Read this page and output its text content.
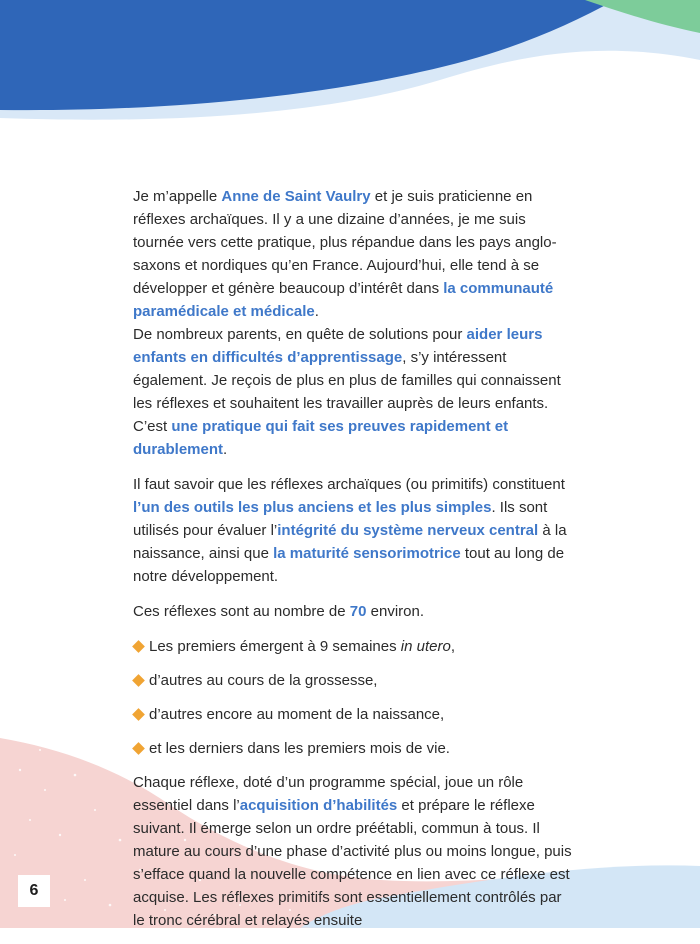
Je m’appelle Anne de Saint Vaulry et je suis praticienne en réflexes archaïques. Il y a une dizaine d’années, je me suis tournée vers cette pratique, plus répandue dans les pays anglo-saxons et nordiques qu’en France. Aujourd’hui, elle tend à se développer et génère beaucoup d’intérêt dans la communauté paramédicale et médicale.
De nombreux parents, en quête de solutions pour aider leurs enfants en difficultés d’apprentissage, s’y intéressent également. Je reçois de plus en plus de familles qui connaissent les réflexes et souhaitent les travailler auprès de leurs enfants. C’est une pratique qui fait ses preuves rapidement et durablement.

Il faut savoir que les réflexes archaïques (ou primitifs) constituent l’un des outils les plus anciens et les plus simples. Ils sont utilisés pour évaluer l’intégrité du système nerveux central à la naissance, ainsi que la maturité sensorimotrice tout au long de notre développement.

Ces réflexes sont au nombre de 70 environ.

Les premiers émergent à 9 semaines in utero,
d’autres au cours de la grossesse,
d’autres encore au moment de la naissance,
et les derniers dans les premiers mois de vie.

Chaque réflexe, doté d’un programme spécial, joue un rôle essentiel dans l’acquisition d’habilités et prépare le réflexe suivant. Il émerge selon un ordre préétabli, commun à tous. Il mature au cours d’une phase d’activité plus ou moins longue, puis s’efface quand la nouvelle compétence en lien avec ce réflexe est acquise. Les réflexes primitifs sont essentiellement contrôlés par le tronc cérébral et relayés ensuite

6
